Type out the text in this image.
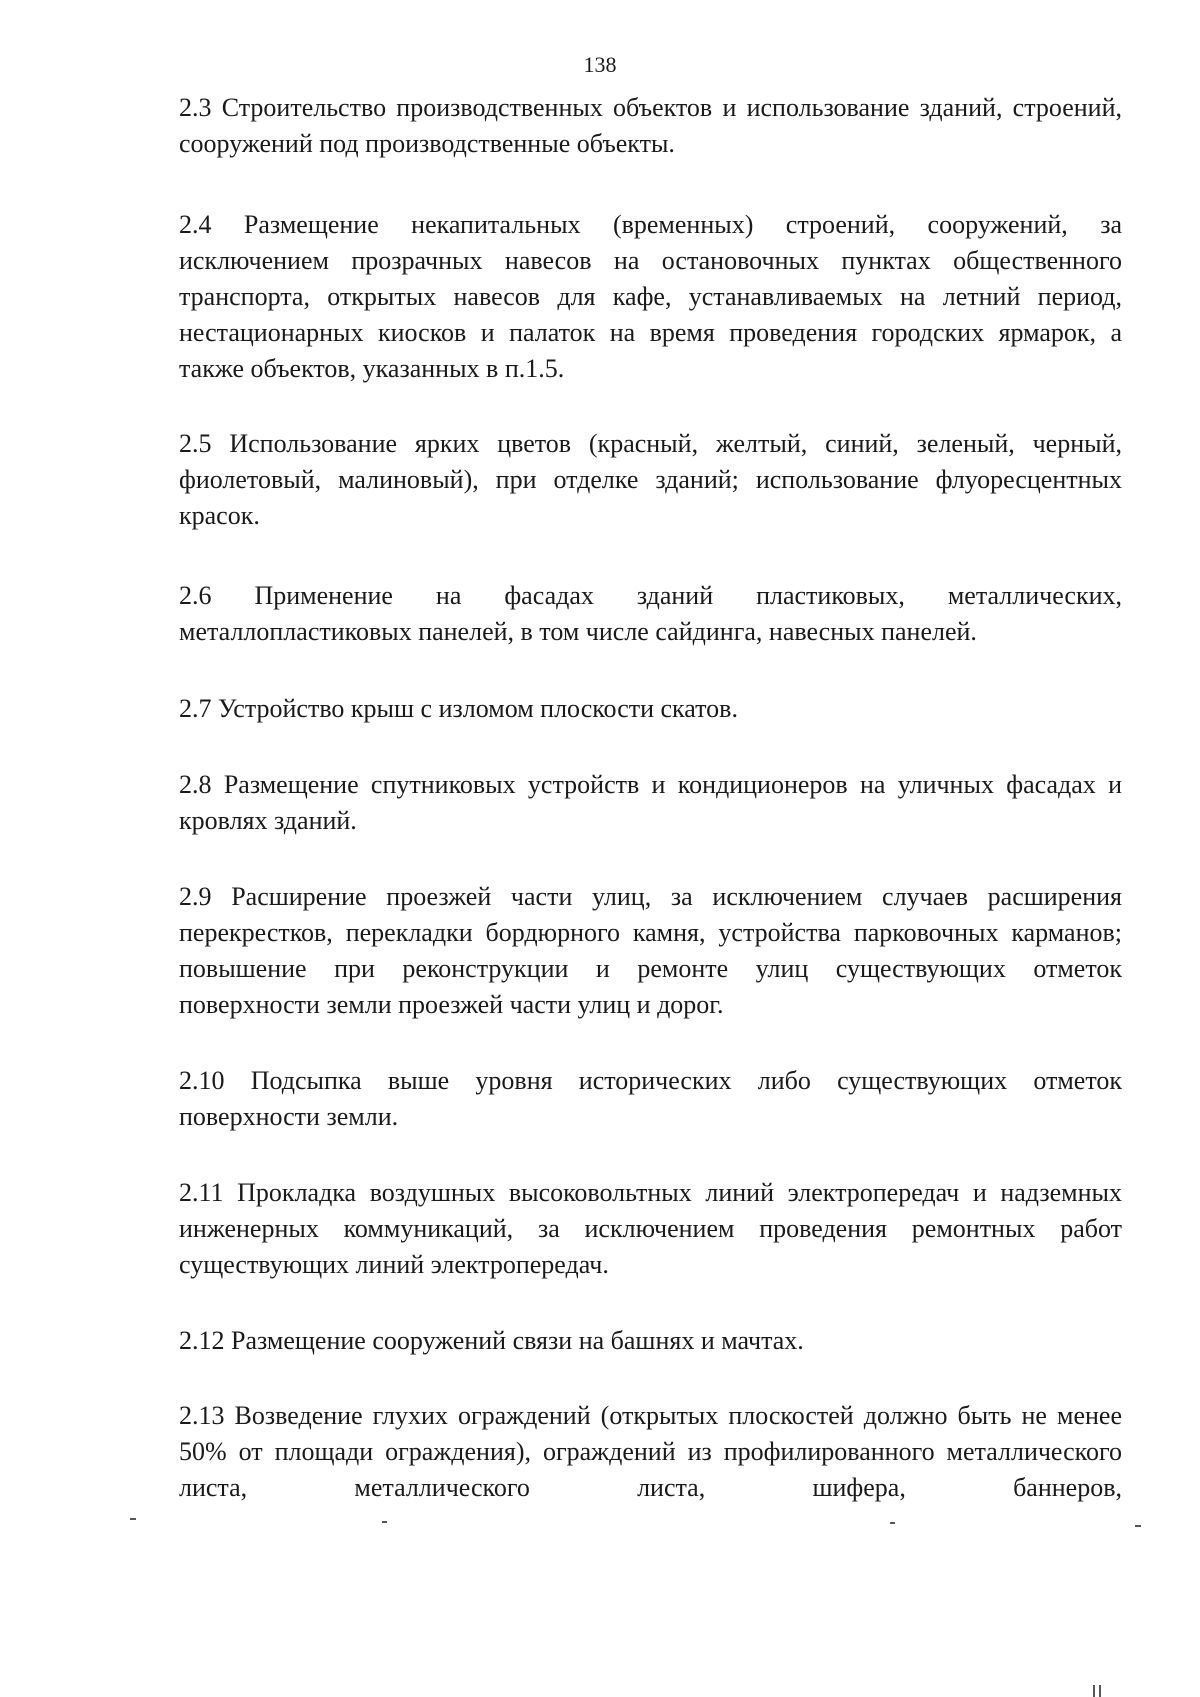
138

2.3 Строительство производственных объектов и использование зданий, строений, сооружений под производственные объекты.

2.4 Размещение некапитальных (временных) строений, сооружений, за исключением прозрачных навесов на остановочных пунктах общественного транспорта, открытых навесов для кафе, устанавливаемых на летний период, нестационарных киосков и палаток на время проведения городских ярмарок, а также объектов, указанных в п.1.5.

2.5 Использование ярких цветов (красный, желтый, синий, зеленый, черный, фиолетовый, малиновый), при отделке зданий; использование флуоресцентных красок.

2.6 Применение на фасадах зданий пластиковых, металлических, металлопластиковых панелей, в том числе сайдинга, навесных панелей.

2.7 Устройство крыш с изломом плоскости скатов.

2.8 Размещение спутниковых устройств и кондиционеров на уличных фасадах и кровлях зданий.

2.9 Расширение проезжей части улиц, за исключением случаев расширения перекрестков, перекладки бордюрного камня, устройства парковочных карманов; повышение при реконструкции и ремонте улиц существующих отметок поверхности земли проезжей части улиц и дорог.

2.10 Подсыпка выше уровня исторических либо существующих отметок поверхности земли.

2.11 Прокладка воздушных высоковольтных линий электропередач и надземных инженерных коммуникаций, за исключением проведения ремонтных работ существующих линий электропередач.

2.12 Размещение сооружений связи на башнях и мачтах.

2.13 Возведение глухих ограждений (открытых плоскостей должно быть не менее 50% от площади ограждения), ограждений из профилированного металлического листа, металлического листа, шифера, баннеров,
